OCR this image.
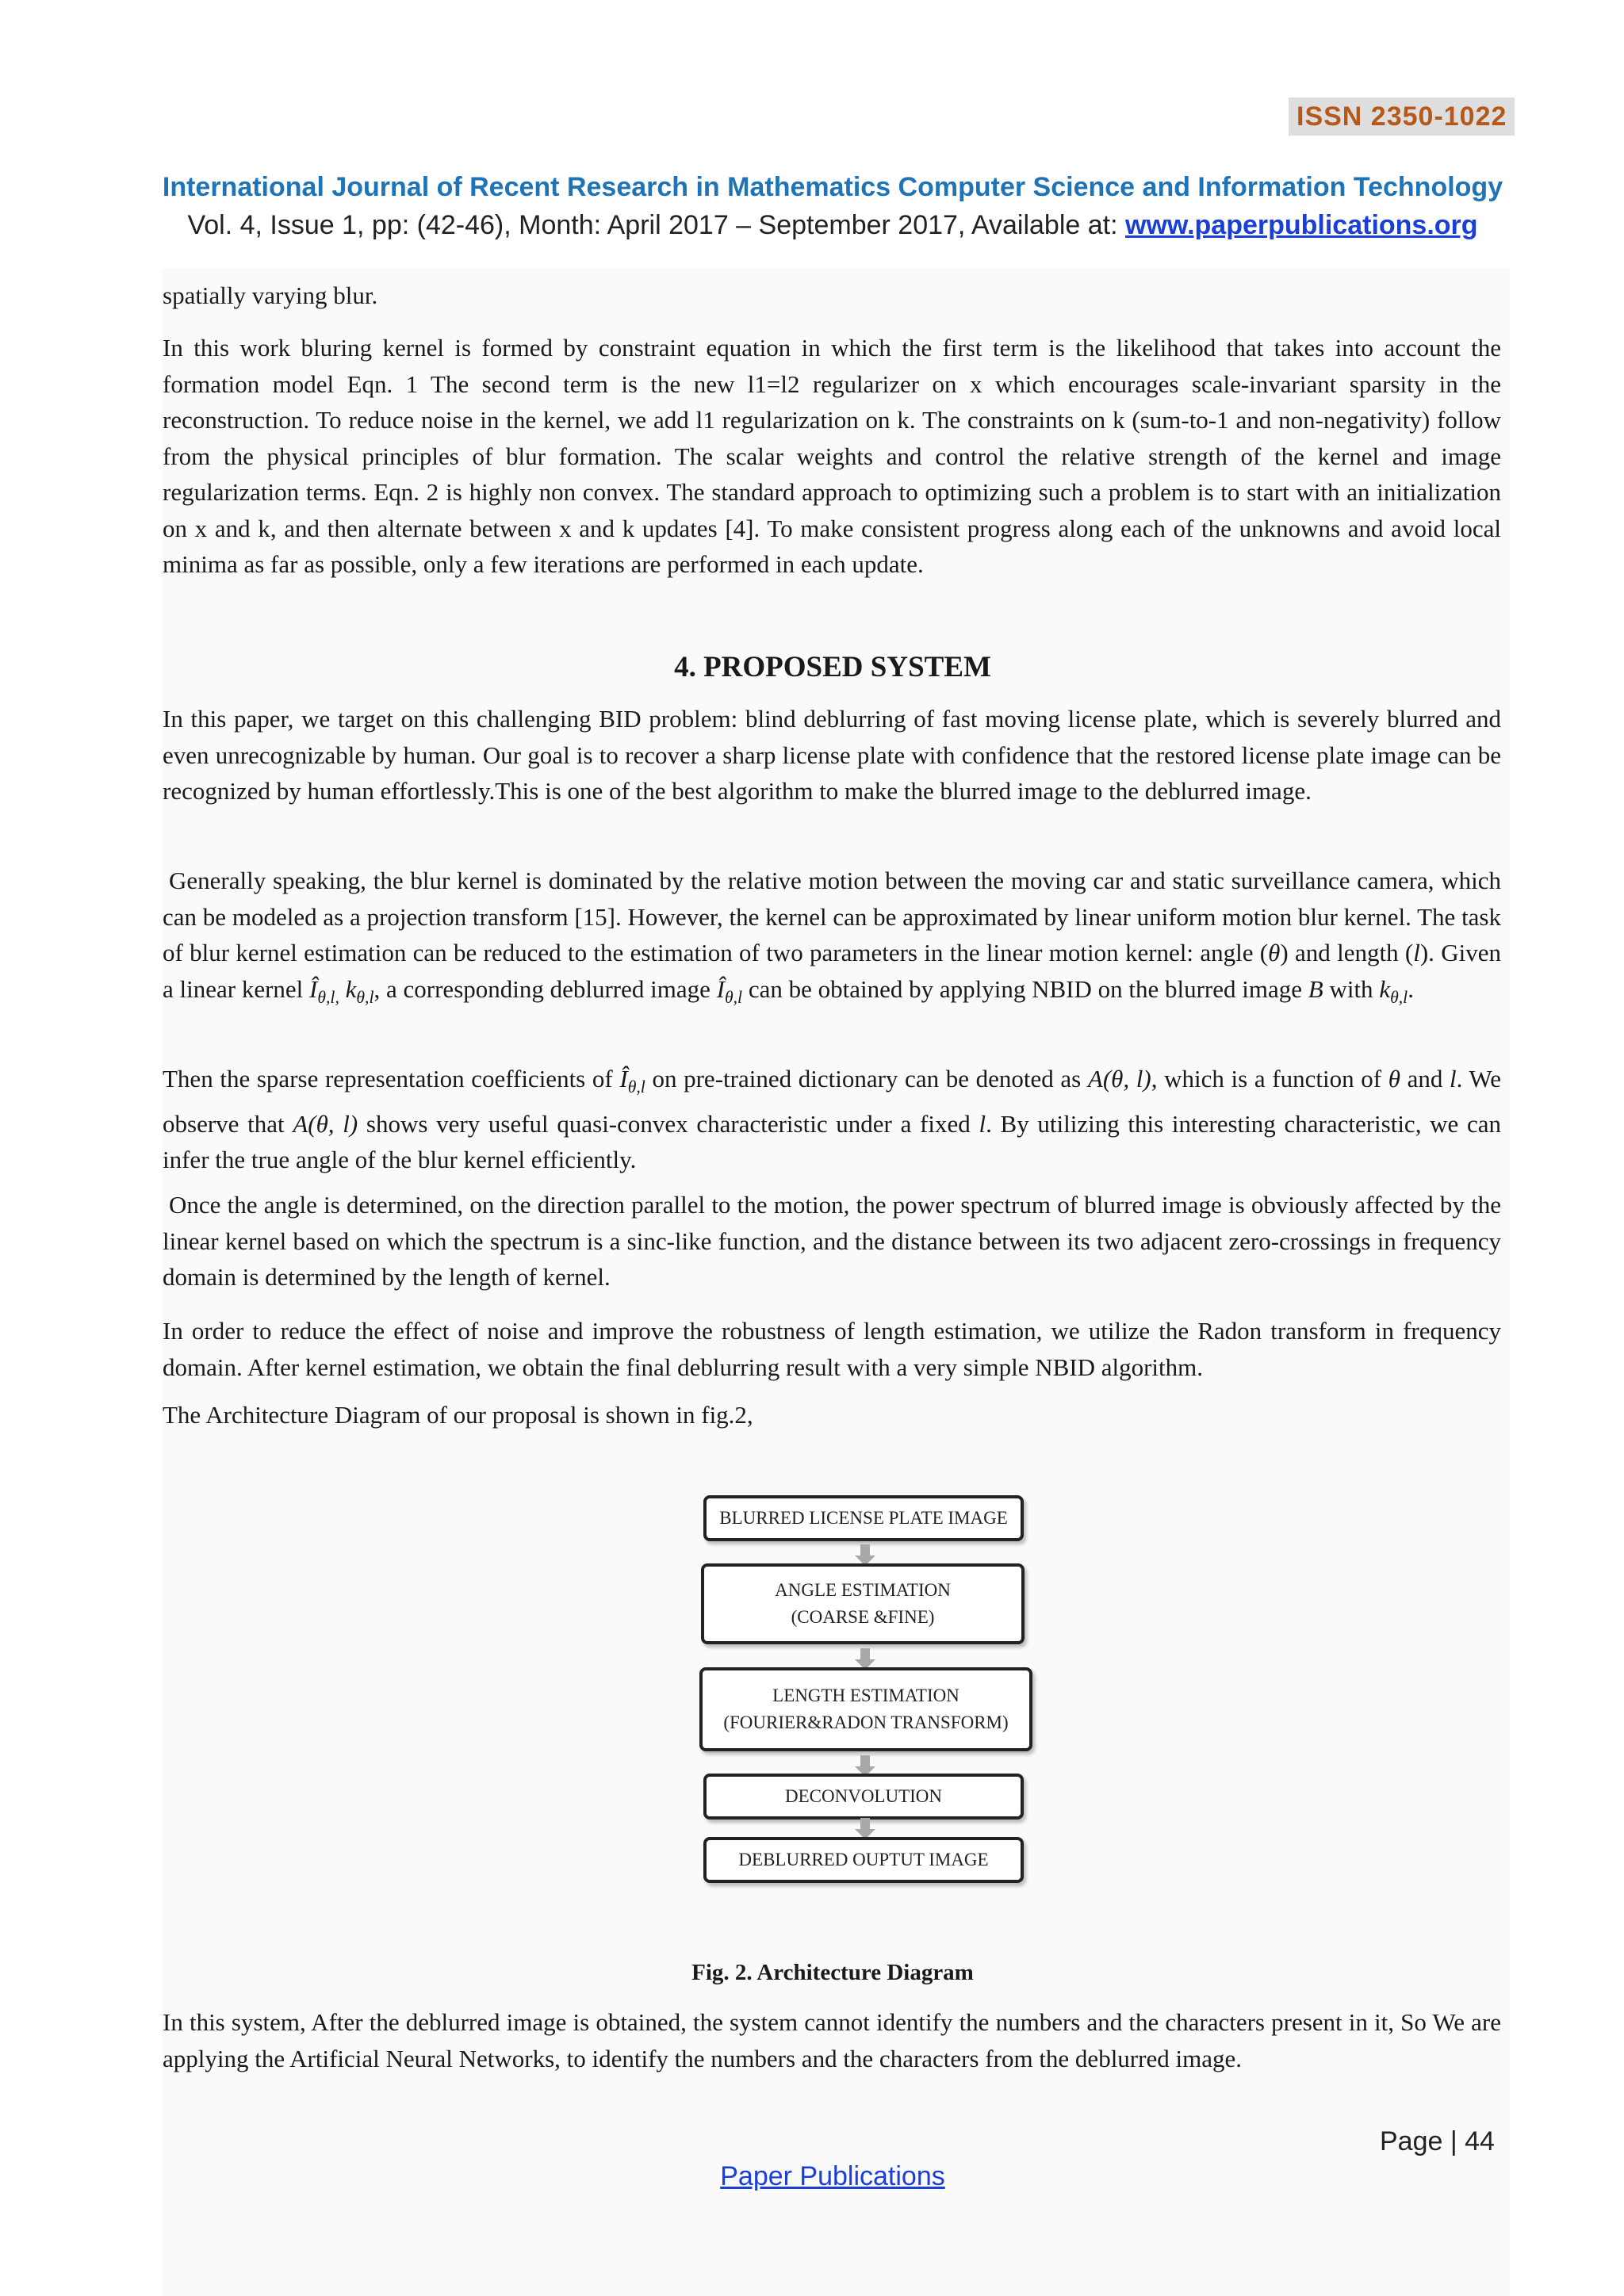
ISSN 2350-1022
International Journal of Recent Research in Mathematics Computer Science and Information Technology
Vol. 4, Issue 1, pp: (42-46), Month: April 2017 – September 2017, Available at: www.paperpublications.org

spatially varying blur.

In this work bluring kernel is formed by constraint equation in which the first term is the likelihood that takes into account the formation model Eqn. 1 The second term is the new l1=l2 regularizer on x which encourages scale-invariant sparsity in the reconstruction. To reduce noise in the kernel, we add l1 regularization on k. The constraints on k (sum-to-1 and non-negativity) follow from the physical principles of blur formation. The scalar weights and control the relative strength of the kernel and image regularization terms. Eqn. 2 is highly non convex. The standard approach to optimizing such a problem is to start with an initialization on x and k, and then alternate between x and k updates [4]. To make consistent progress along each of the unknowns and avoid local minima as far as possible, only a few iterations are performed in each update.

4. PROPOSED SYSTEM

In this paper, we target on this challenging BID problem: blind deblurring of fast moving license plate, which is severely blurred and even unrecognizable by human. Our goal is to recover a sharp license plate with confidence that the restored license plate image can be recognized by human effortlessly.This is one of the best algorithm to make the blurred image to the deblurred image.

Generally speaking, the blur kernel is dominated by the relative motion between the moving car and static surveillance camera, which can be modeled as a projection transform [15]. However, the kernel can be approximated by linear uniform motion blur kernel. The task of blur kernel estimation can be reduced to the estimation of two parameters in the linear motion kernel: angle (θ) and length (l). Given a linear kernel $Î_{\theta,l,}$ $k_{\theta,l}$, a corresponding deblurred image $Î_{\theta,l}$ can be obtained by applying NBID on the blurred image B with $k_{\theta,l}$.

Then the sparse representation coefficients of $Î_{\theta,l}$ on pre-trained dictionary can be denoted as A(θ, l), which is a function of θ and l. We observe that A(θ, l) shows very useful quasi-convex characteristic under a fixed l. By utilizing this interesting characteristic, we can infer the true angle of the blur kernel efficiently.

Once the angle is determined, on the direction parallel to the motion, the power spectrum of blurred image is obviously affected by the linear kernel based on which the spectrum is a sinc-like function, and the distance between its two adjacent zero-crossings in frequency domain is determined by the length of kernel.

In order to reduce the effect of noise and improve the robustness of length estimation, we utilize the Radon transform in frequency domain. After kernel estimation, we obtain the final deblurring result with a very simple NBID algorithm.

The Architecture Diagram of our proposal is shown in fig.2,

BLURRED LICENSE PLATE IMAGE
ANGLE ESTIMATION
(COARSE &FINE)
LENGTH ESTIMATION
(FOURIER&RADON TRANSFORM)
DECONVOLUTION
DEBLURRED OUPTUT IMAGE

Fig. 2. Architecture Diagram

In this system, After the deblurred image is obtained, the system cannot identify the numbers and the characters present in it, So We are applying the Artificial Neural Networks, to identify the numbers and the characters from the deblurred image.

Page | 44
Paper Publications
